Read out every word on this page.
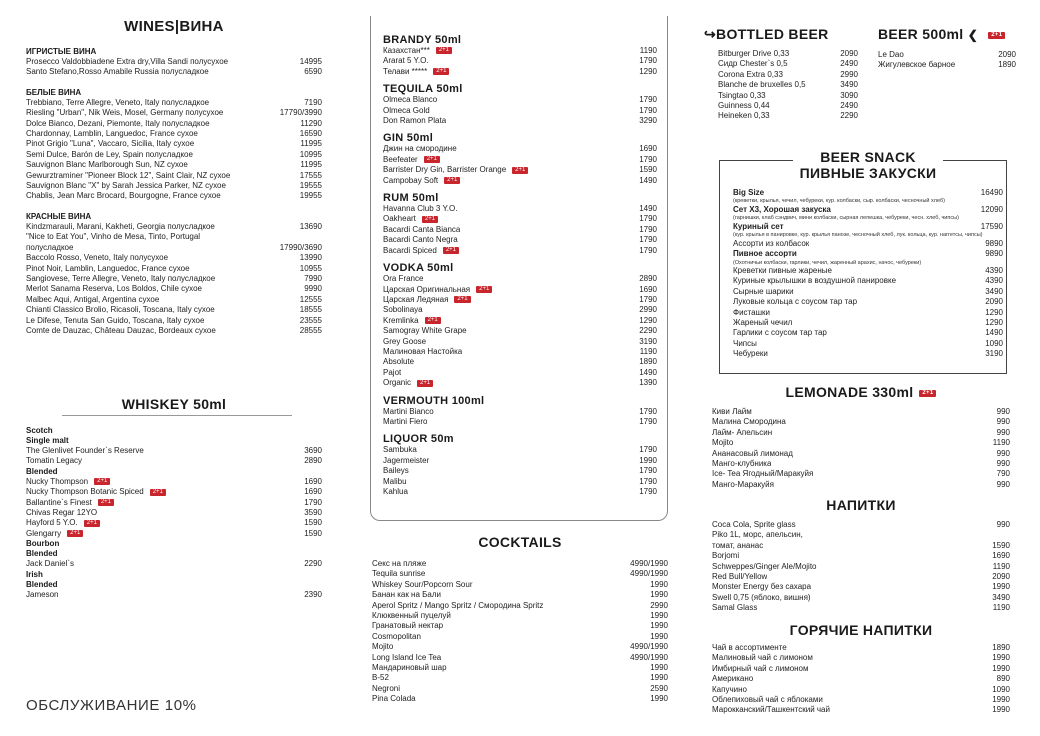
WINES|ВИНА
ИГРИСТЫЕ ВИНА
Prosecco Valdobbiadene Extra dry,Villa Sandi полусухое	14995
Santo Stefano,Rosso Amabile Russia полусладкое	6590
БЕЛЫЕ ВИНА
Trebbiano, Terre Allegre, Veneto, Italy полусладкое	7190
Riesling "Urban", Nik Weis, Mosel, Germany полусухое	17790/3990
Dolce Bianco, Dezani, Piemonte, Italy полусладкое	11290
Chardonnay, Lamblin, Languedoc, France сухое	16590
Pinot Grigio "Luna", Vaccaro, Sicilia, Italy сухое	11995
Semi Dulce, Barón de Ley, Spain полусладкое	10995
Sauvignon Blanc Marlborough Sun, NZ сухое	11995
Gewurztraminer "Pioneer Block 12", Saint Clair, NZ сухое	17555
Sauvignon Blanc "X" by Sarah Jessica Parker, NZ сухое	19555
Chablis, Jean Marc Brocard, Bourgogne, France сухое	19955
КРАСНЫЕ ВИНА
Kindzmarauli, Marani, Kakheti, Georgia полусладкое	13690
"Nice to Eat You", Vinho de Mesa, Tinto, Portugal
полусладкое	17990/3690
Baccolo Rosso, Veneto, Italy полусухое	13990
Pinot Noir, Lamblin, Languedoc, France сухое	10955
Sangiovese, Terre Allegre, Veneto, Italy полусладкое	7990
Merlot Sanama Reserva, Los Boldos, Chile сухое	9990
Malbec Aqui, Antigal, Argentina сухое	12555
Chianti Classico Brolio, Ricasoli, Toscana, Italy сухое	18555
Le Difese, Tenuta San Guido, Toscana, Italy сухое	23555
Comte de Dauzac, Château Dauzac, Bordeaux сухое	28555
WHISKEY 50ml
Scotch
Single malt
The Glenlivet Founder`s Reserve	3690
Tomatin Legacy	2890
Blended
Nucky Thompson 2+1	1690
Nucky Thompson Botanic Spiced 2+1	1690
Ballantine`s Finest 2+1	1790
Chivas Regar 12YO	3590
Hayford 5 Y.O. 2+1	1590
Glengarry 2+1	1590
Bourbon
Blended
Jack Daniel`s	2290
Irish
Blended
Jameson	2390
ОБСЛУЖИВАНИЕ 10%
BRANDY 50ml
Казахстан*** 2+1	1190
Ararat 5 Y.O.	1790
Телави ***** 2+1	1290
TEQUILA 50ml
Olmeca Blanco	1790
Olmeca Gold	1790
Don Ramon Plata	3290
GIN 50ml
Джин на смородине	1690
Beefeater 2+1	1790
Barrister Dry Gin, Barrister Orange 2+1	1590
Campobay Soft 2+1	1490
RUM 50ml
Havanna Club 3 Y.O.	1490
Oakheart 2+1	1790
Bacardi Canta Bianca	1790
Bacardi Canto Negra	1790
Bacardi Spiced 2+1	1790
VODKA 50ml
Ora France	2890
Царская Оригинальная 2+1	1690
Царская Ледяная 2+1	1790
Sobolinaya	2990
Kremlinka 2+1	1290
Samogray White Grape	2290
Grey Goose	3190
Малиновая Настойка	1190
Absolute	1890
Pajot	1490
Organic 2+1	1390
VERMOUTH 100ml
Martini Bianco	1790
Martini Fiero	1790
LIQUOR 50m
Sambuka	1790
Jagermeister	1990
Baileys	1790
Malibu	1790
Kahlua	1790
COCKTAILS
Секс на пляже	4990/1990
Tequila sunrise	4990/1990
Whiskey Sour/Popcorn Sour	1990
Банан как на Бали	1990
Aperol Spritz / Mango Spritz / Смородина Spritz	2990
Клюквенный пуцелуй	1990
Гранатовый нектар	1990
Cosmopolitan	1990
Mojito	4990/1990
Long Island Ice Tea	4990/1990
Мандариновый шар	1990
B-52	1990
Negroni	2590
Pina Colada	1990
↪BOTTLED BEER
Bitburger Drive 0,33	2090
Сидр Chester`s 0,5	2490
Corona Extra 0,33	2990
Blanche de bruxelles 0,5	3490
Tsingtao 0,33	3090
Guinness 0,44	2490
Heineken 0,33	2290
BEER 500ml ❮ 2+1
Le Dao	2090
Жигулевское барное	1890
BEER SNACK
ПИВНЫЕ ЗАКУСКИ
Big Size	16490
(креветки, крылья, чечил, чебуреки, кур. колбаски, сыр. колбаски, чесночный хлеб)
Сет X3, Хорошая закуска	12090
(гарнишки, клаб сэндвич, мини колбаски, сырная лепешка, чебуреки, чесн. хлеб, чипсы)
Куриный сет	17590
(кур. крылья в панировке, кур. крылья панозе, чесночный хлеб, лук. кольца, кур. наггетсы, чипсы)
Ассорти из колбасок	9890
Пивное ассорти	9890
(Охотничьи колбаски, гарлики, чечил, жаренный арахис, начос, чебуреки)
Креветки пивные жареные	4390
Куриные крылышки в воздушной панировке	4390
Сырные шарики	3490
Луковые кольца с соусом тар тар	2090
Фисташки	1290
Жареный чечил	1290
Гарлики с соусом тар тар	1490
Чипсы	1090
Чебуреки	3190
LEMONADE 330ml 2+1
Киви Лайм	990
Малина Смородина	990
Лайм- Апельсин	990
Mojito	1190
Ананасовый лимонад	990
Манго-клубника	990
Ice- Tea Ягодный/Маракуйя	790
Манго-Маракуйя	990
НАПИТКИ
Coca Cola, Sprite glass	990
Piko 1L, морс, апельсин,
томат, ананас	1590
Borjomi	1690
Schweppes/Ginger Ale/Mojito	1190
Red Bull/Yellow	2090
Monster Energy без сахара	1990
Swell 0,75 (яблоко, вишня)	3490
Samal Glass	1190
ГОРЯЧИЕ НАПИТКИ
Чай в ассортименте	1890
Малиновый чай с лимоном	1990
Имбирный чай с лимоном	1990
Американо	890
Капучино	1090
Облепиховый чай с яблоками	1990
Марокканский/Ташкентский чай	1990
